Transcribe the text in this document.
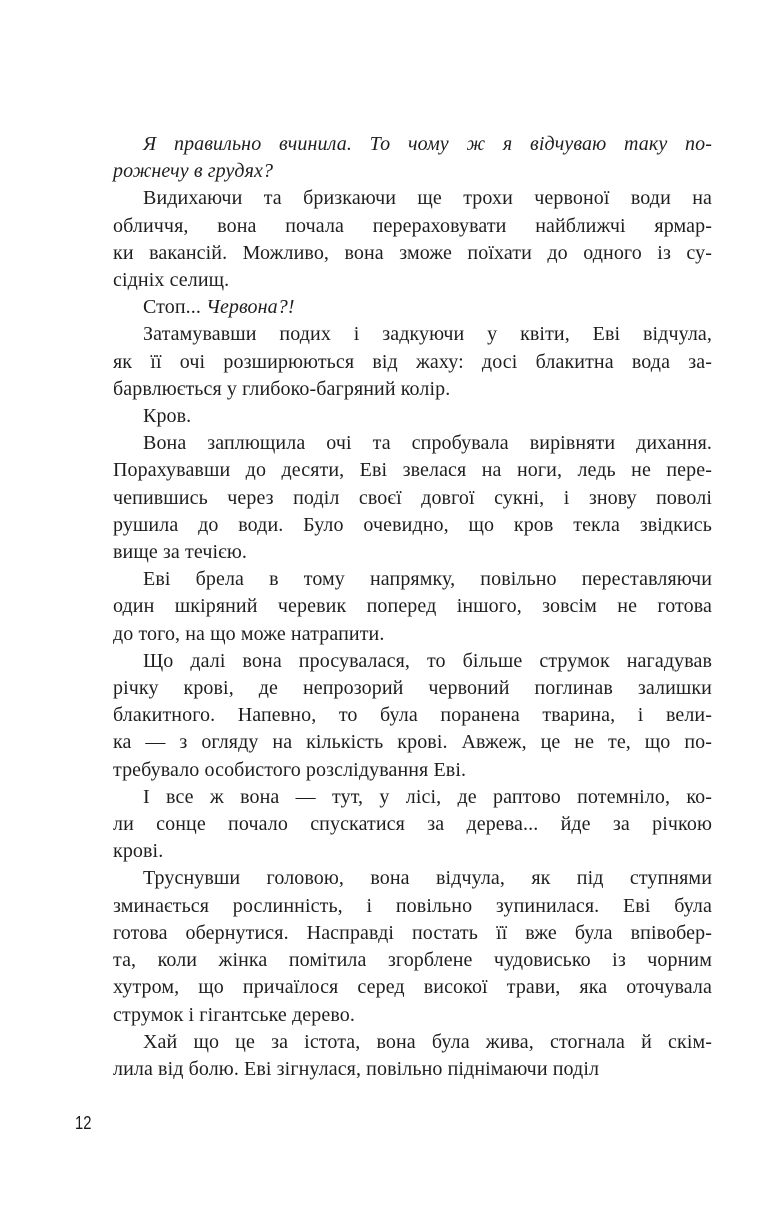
Я правильно вчинила. То чому ж я відчуваю таку по-
рожнечу в грудях?
Видихаючи та бризкаючи ще трохи червоної води на
обличчя, вона почала перераховувати найближчі ярмар-
ки вакансій. Можливо, вона зможе поїхати до одного із су-
сідніх селищ.
Стоп... Червона?!
Затамувавши подих і задкуючи у квіти, Еві відчула,
як її очі розширюються від жаху: досі блакитна вода за-
барвлюється у глибоко-багряний колір.
Кров.
Вона заплющила очі та спробувала вирівняти дихання.
Порахувавши до десяти, Еві звелася на ноги, ледь не пере-
чепившись через поділ своєї довгої сукні, і знову поволі
рушила до води. Було очевидно, що кров текла звідкись
вище за течією.
Еві брела в тому напрямку, повільно переставляючи
один шкіряний черевик поперед іншого, зовсім не готова
до того, на що може натрапити.
Що далі вона просувалася, то більше струмок нагадував
річку крові, де непрозорий червоний поглинав залишки
блакитного. Напевно, то була поранена тварина, і вели-
ка — з огляду на кількість крові. Авжеж, це не те, що по-
требувало особистого розслідування Еві.
І все ж вона — тут, у лісі, де раптово потемніло, ко-
ли сонце почало спускатися за дерева... йде за річкою
крові.
Труснувши головою, вона відчула, як під ступнями
зминається рослинність, і повільно зупинилася. Еві була
готова обернутися. Насправді постать її вже була впівобер-
та, коли жінка помітила згорблене чудовисько із чорним
хутром, що причаїлося серед високої трави, яка оточувала
струмок і гігантське дерево.
Хай що це за істота, вона була жива, стогнала й скім-
лила від болю. Еві зігнулася, повільно піднімаючи поділ
12
